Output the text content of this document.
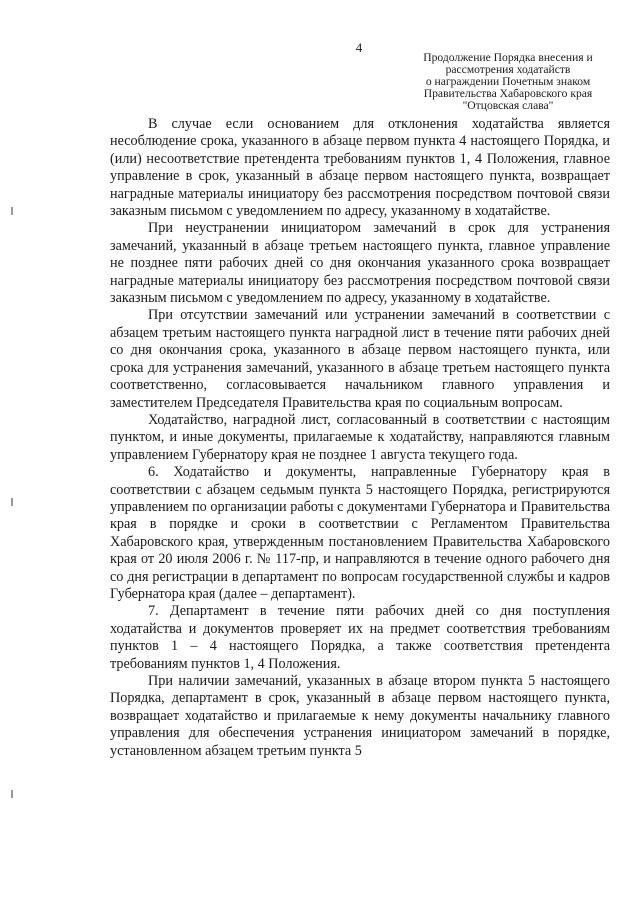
4
Продолжение Порядка внесения и
рассмотрения ходатайств
о награждении Почетным знаком
Правительства Хабаровского края
"Отцовская слава"

В случае если основанием для отклонения ходатайства является несоблюдение срока, указанного в абзаце первом пункта 4 настоящего Порядка, и (или) несоответствие претендента требованиям пунктов 1, 4 Положения, главное управление в срок, указанный в абзаце первом настоящего пункта, возвращает наградные материалы инициатору без рассмотрения посредством почтовой связи заказным письмом с уведомлением по адресу, указанному в ходатайстве.

При неустранении инициатором замечаний в срок для устранения замечаний, указанный в абзаце третьем настоящего пункта, главное управление не позднее пяти рабочих дней со дня окончания указанного срока возвращает наградные материалы инициатору без рассмотрения посредством почтовой связи заказным письмом с уведомлением по адресу, указанному в ходатайстве.

При отсутствии замечаний или устранении замечаний в соответствии с абзацем третьим настоящего пункта наградной лист в течение пяти рабочих дней со дня окончания срока, указанного в абзаце первом настоящего пункта, или срока для устранения замечаний, указанного в абзаце третьем настоящего пункта соответственно, согласовывается начальником главного управления и заместителем Председателя Правительства края по социальным вопросам.

Ходатайство, наградной лист, согласованный в соответствии с настоящим пунктом, и иные документы, прилагаемые к ходатайству, направляются главным управлением Губернатору края не позднее 1 августа текущего года.

6. Ходатайство и документы, направленные Губернатору края в соответствии с абзацем седьмым пункта 5 настоящего Порядка, регистрируются управлением по организации работы с документами Губернатора и Правительства края в порядке и сроки в соответствии с Регламентом Правительства Хабаровского края, утвержденным постановлением Правительства Хабаровского края от 20 июля 2006 г. № 117-пр, и направляются в течение одного рабочего дня со дня регистрации в департамент по вопросам государственной службы и кадров Губернатора края (далее – департамент).

7. Департамент в течение пяти рабочих дней со дня поступления ходатайства и документов проверяет их на предмет соответствия требованиям пунктов 1 – 4 настоящего Порядка, а также соответствия претендента требованиям пунктов 1, 4 Положения.

При наличии замечаний, указанных в абзаце втором пункта 5 настоящего Порядка, департамент в срок, указанный в абзаце первом настоящего пункта, возвращает ходатайство и прилагаемые к нему документы начальнику главного управления для обеспечения устранения инициатором замечаний в порядке, установленном абзацем третьим пункта 5
